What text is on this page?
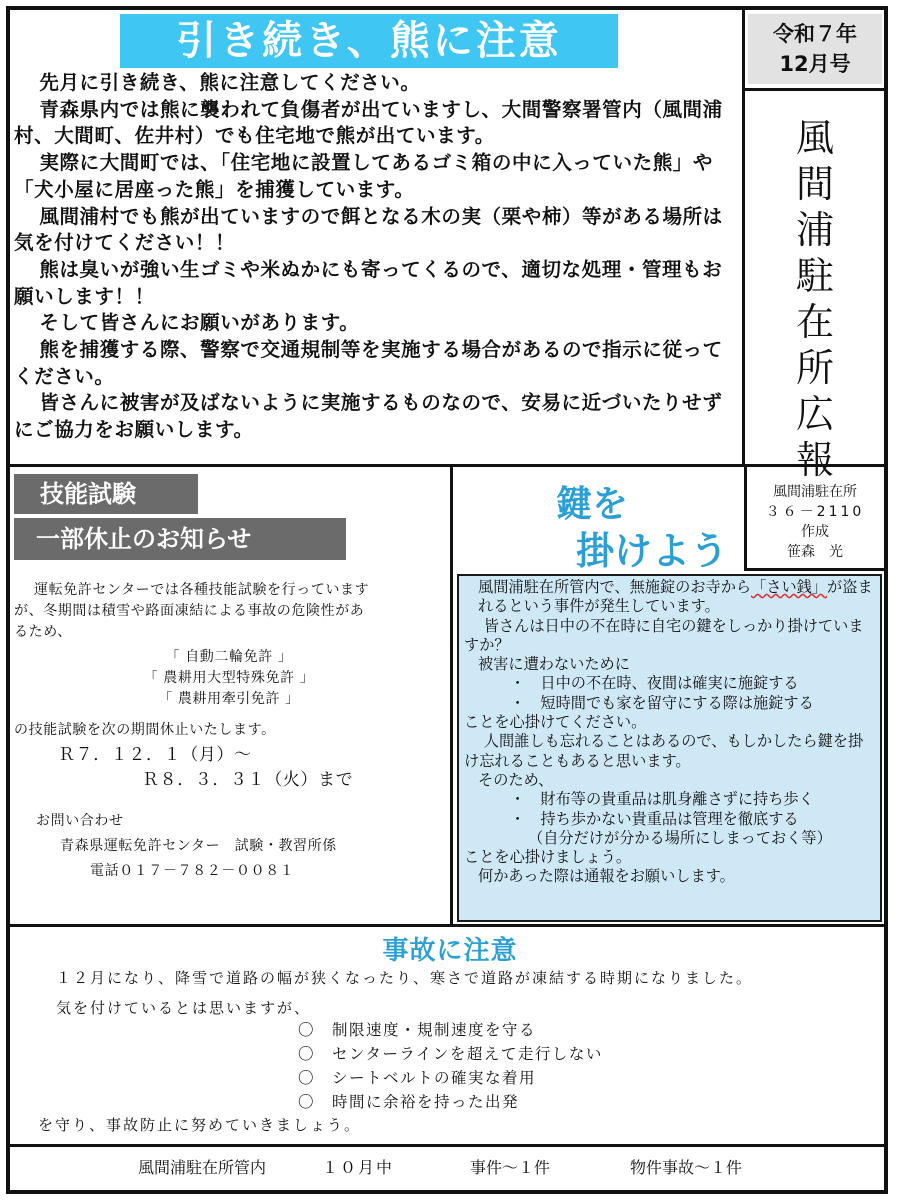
引き続き、熊に注意

先月に引き続き、熊に注意してください。

青森県内では熊に襲われて負傷者が出ていますし、大間警察署管内（風間浦村、大間町、佐井村）でも住宅地で熊が出ています。

実際に大間町では、「住宅地に設置してあるゴミ箱の中に入っていた熊」や「犬小屋に居座った熊」を捕獲しています。

風間浦村でも熊が出ていますので餌となる木の実（栗や柿）等がある場所は気を付けてください！！

熊は臭いが強い生ゴミや米ぬかにも寄ってくるので、適切な処理・管理もお願いします！！

そして皆さんにお願いがあります。

熊を捕獲する際、警察で交通規制等を実施する場合があるので指示に従ってください。

皆さんに被害が及ばないように実施するものなので、安易に近づいたりせずにご協力をお願いします。

令和７年
12月号
風
間
浦
駐
在
所
広
報
技能試験
一部休止のお知らせ

運転免許センターでは各種技能試験を行っています

が、冬期間は積雪や路面凍結による事故の危険性があ

るため、

「 自動二輪免許 」

「 農耕用大型特殊免許 」

「 農耕用牽引免許 」

の技能試験を次の期間休止いたします。

Ｒ７．１２．１（月）～

Ｒ８．３．３１（火）まで

お問い合わせ

青森県運転免許センター　試験・教習所係

電話０１７－７８２－００８１

鍵を
掛けよう
風間浦駐在所
３６－2110
作成
笹森　光

風間浦駐在所管内で、無施錠のお寺から「さい銭」が盗まれるという事件が発生しています。

皆さんは日中の不在時に自宅の鍵をしっかり掛けていますか？

被害に遭わないために

・　日中の不在時、夜間は確実に施錠する

・　短時間でも家を留守にする際は施錠する

ことを心掛けてください。

人間誰しも忘れることはあるので、もしかしたら鍵を掛け忘れることもあると思います。

そのため、

・　財布等の貴重品は肌身離さずに持ち歩く

・　持ち歩かない貴重品は管理を徹底する

（自分だけが分かる場所にしまっておく等）

ことを心掛けましょう。

何かあった際は通報をお願いします。

事故に注意

１２月になり、降雪で道路の幅が狭くなったり、寒さで道路が凍結する時期になりました。

気を付けているとは思いますが、

〇　制限速度・規制速度を守る

〇　センターラインを超えて走行しない

〇　シートベルトの確実な着用

〇　時間に余裕を持った出発

を守り、事故防止に努めていきましょう。
風間浦駐在所管内	１０月中	事件～１件	物件事故～１件
